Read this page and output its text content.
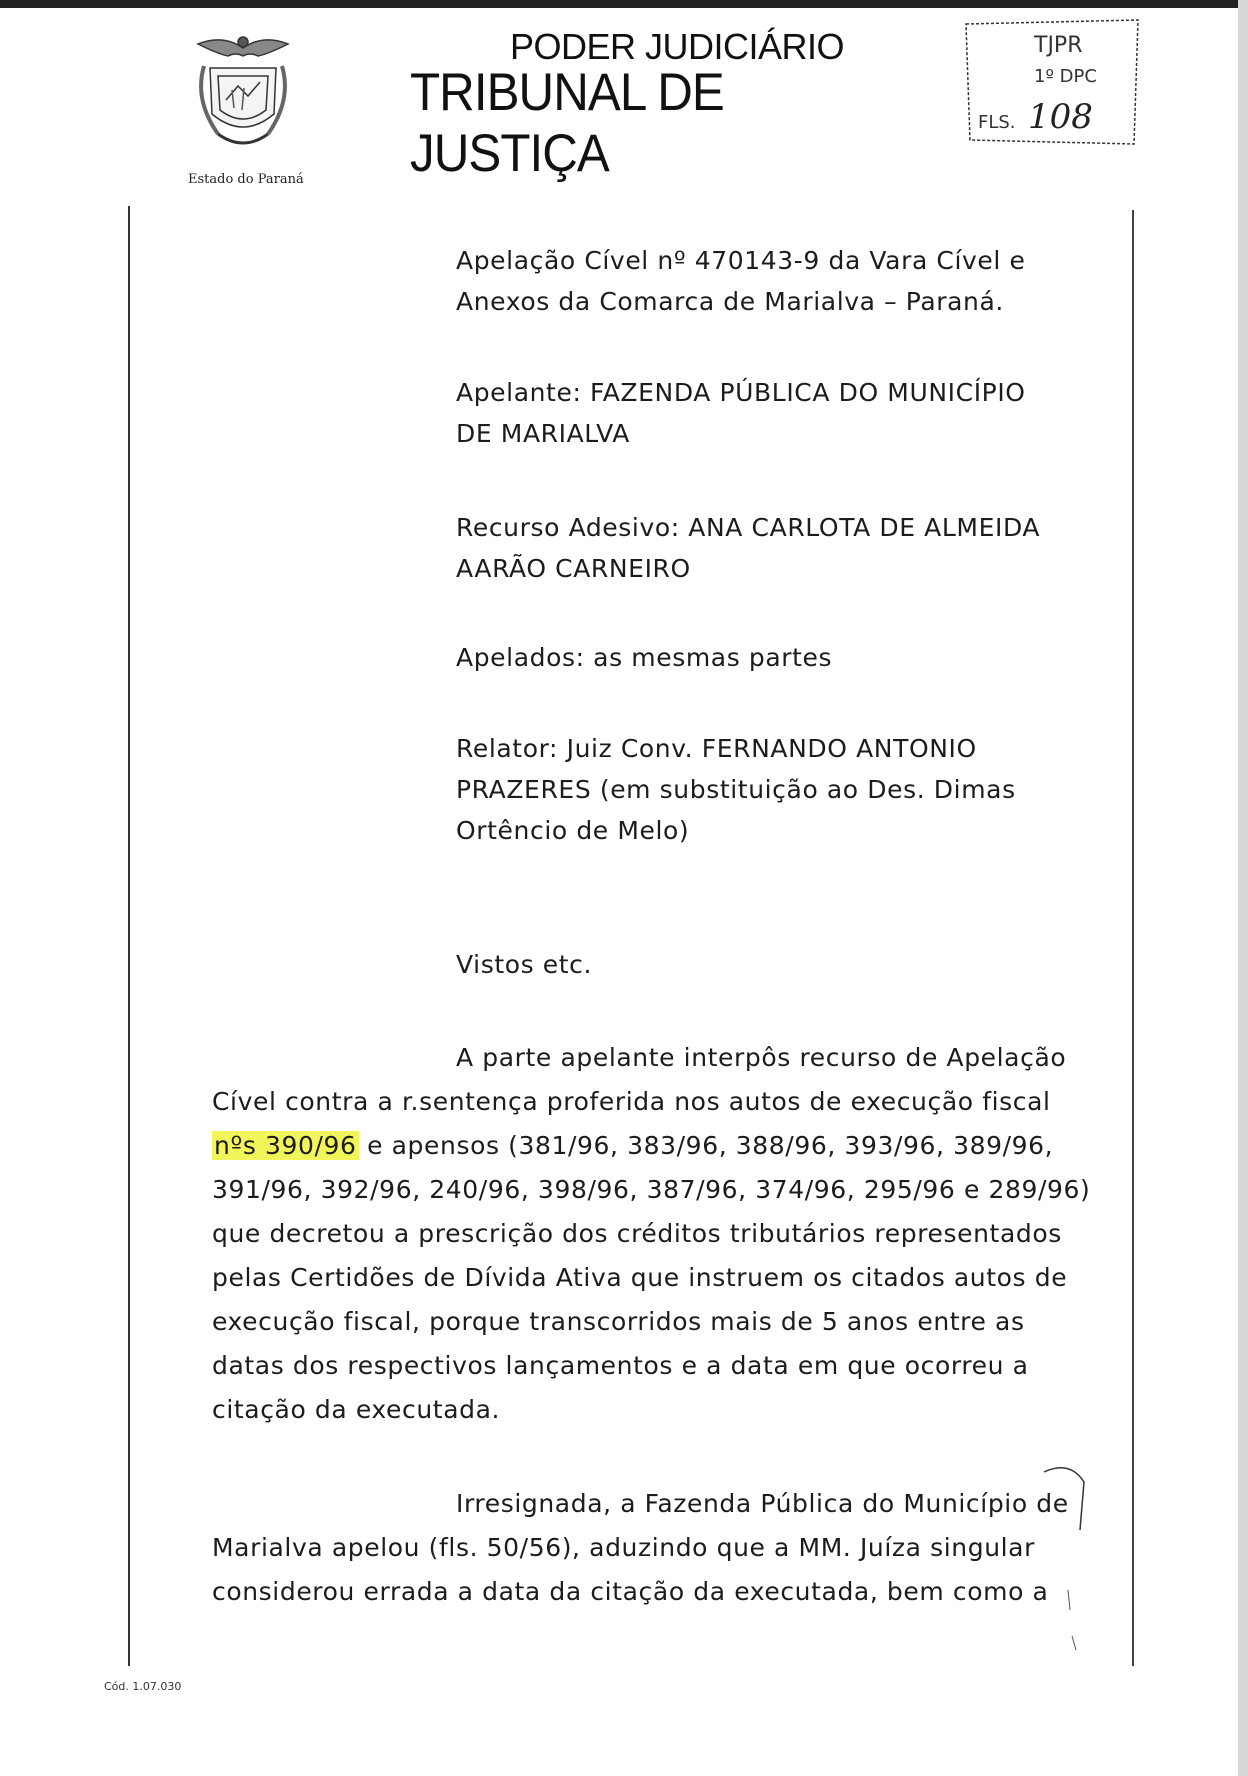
Estado do Paraná
PODER JUDICIÁRIO
TRIBUNAL DE JUSTIÇA
TJPR
1º DPC
FLS. 108
Apelação Cível nº 470143-9 da Vara Cível e
Anexos da Comarca de Marialva – Paraná.
Apelante: FAZENDA PÚBLICA DO MUNICÍPIO
DE MARIALVA
Recurso Adesivo: ANA CARLOTA DE ALMEIDA
AARÃO CARNEIRO
Apelados: as mesmas partes
Relator: Juiz Conv. FERNANDO ANTONIO
PRAZERES (em substituição ao Des. Dimas
Ortêncio de Melo)
Vistos etc.
A parte apelante interpôs recurso de Apelação
Cível contra a r.sentença proferida nos autos de execução fiscal
nºs 390/96 e apensos (381/96, 383/96, 388/96, 393/96, 389/96,
391/96, 392/96, 240/96, 398/96, 387/96, 374/96, 295/96 e 289/96)
que decretou a prescrição dos créditos tributários representados
pelas Certidões de Dívida Ativa que instruem os citados autos de
execução fiscal, porque transcorridos mais de 5 anos entre as
datas dos respectivos lançamentos e a data em que ocorreu a
citação da executada.
Irresignada, a Fazenda Pública do Município de
Marialva apelou (fls. 50/56), aduzindo que a MM. Juíza singular
considerou errada a data da citação da executada, bem como a
Cód. 1.07.030
